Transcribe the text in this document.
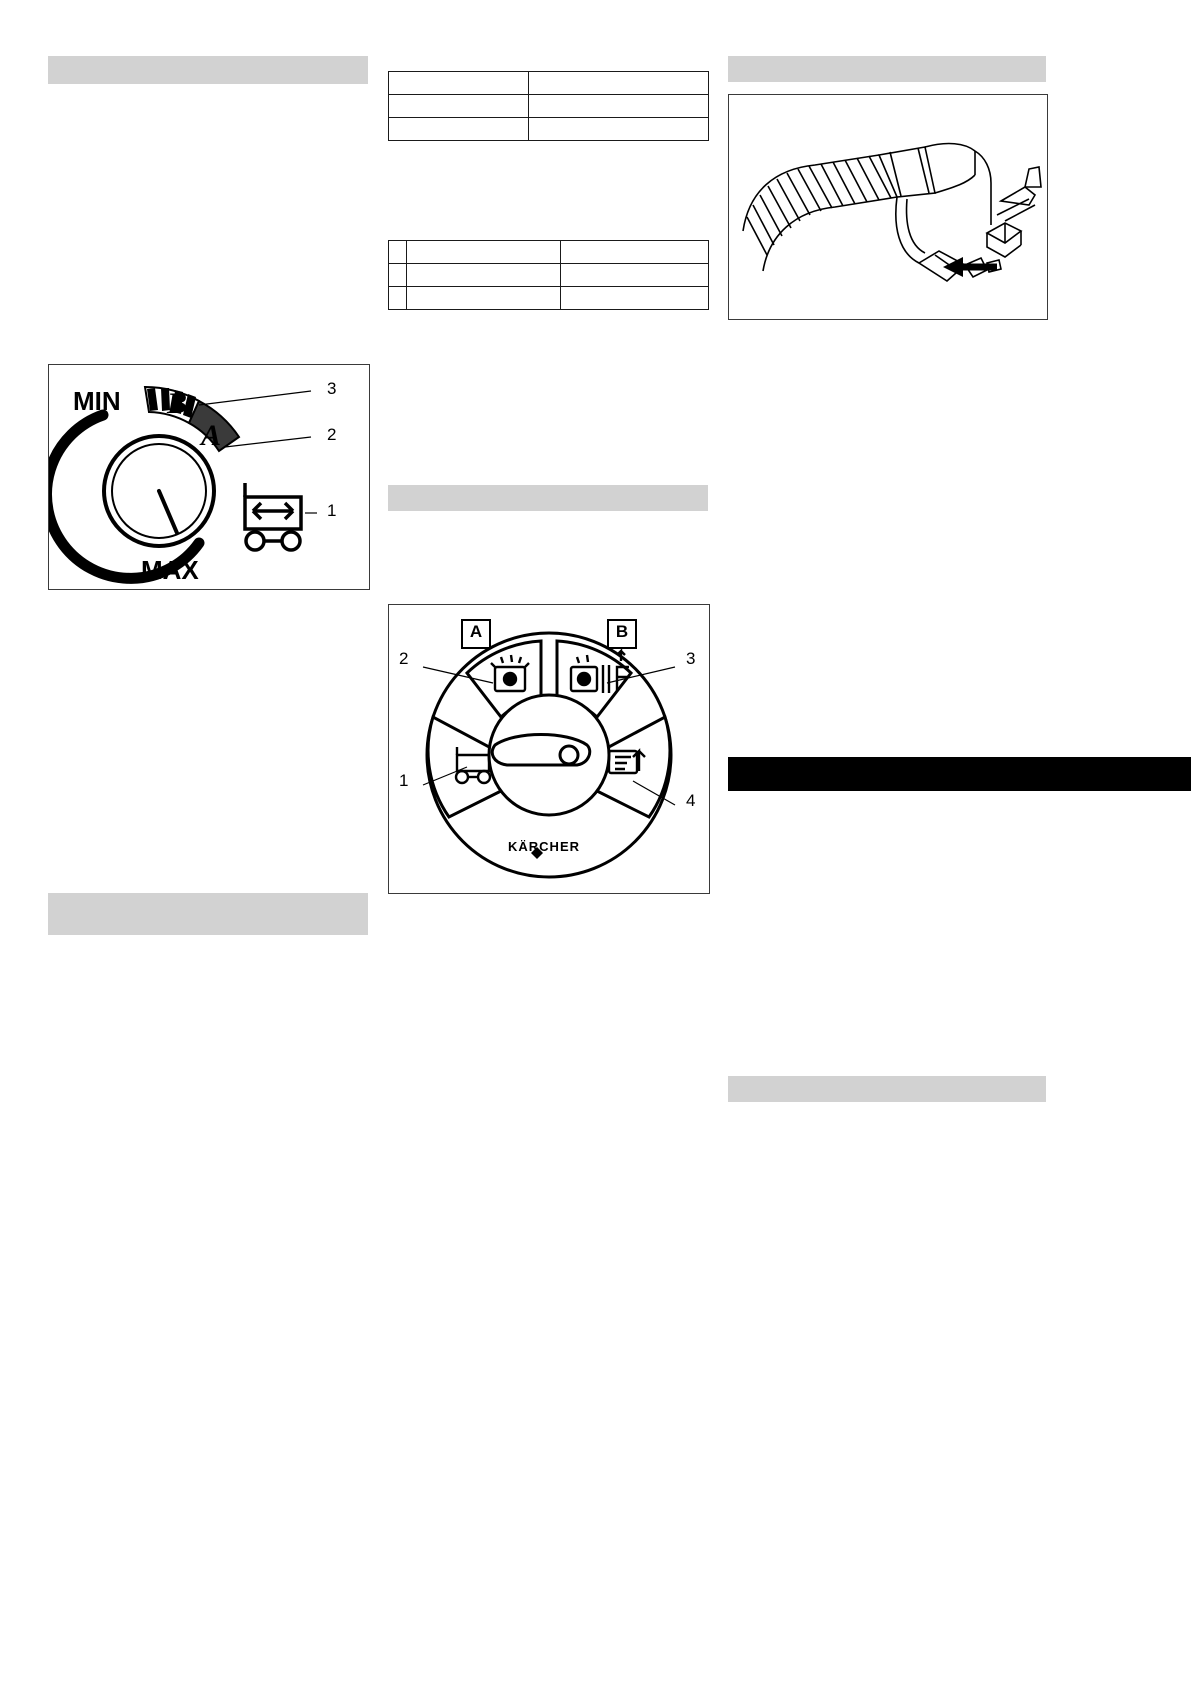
B
A
MIN
MAX
3
2
1
A	B
2
1
3
4
KÄRCHER
